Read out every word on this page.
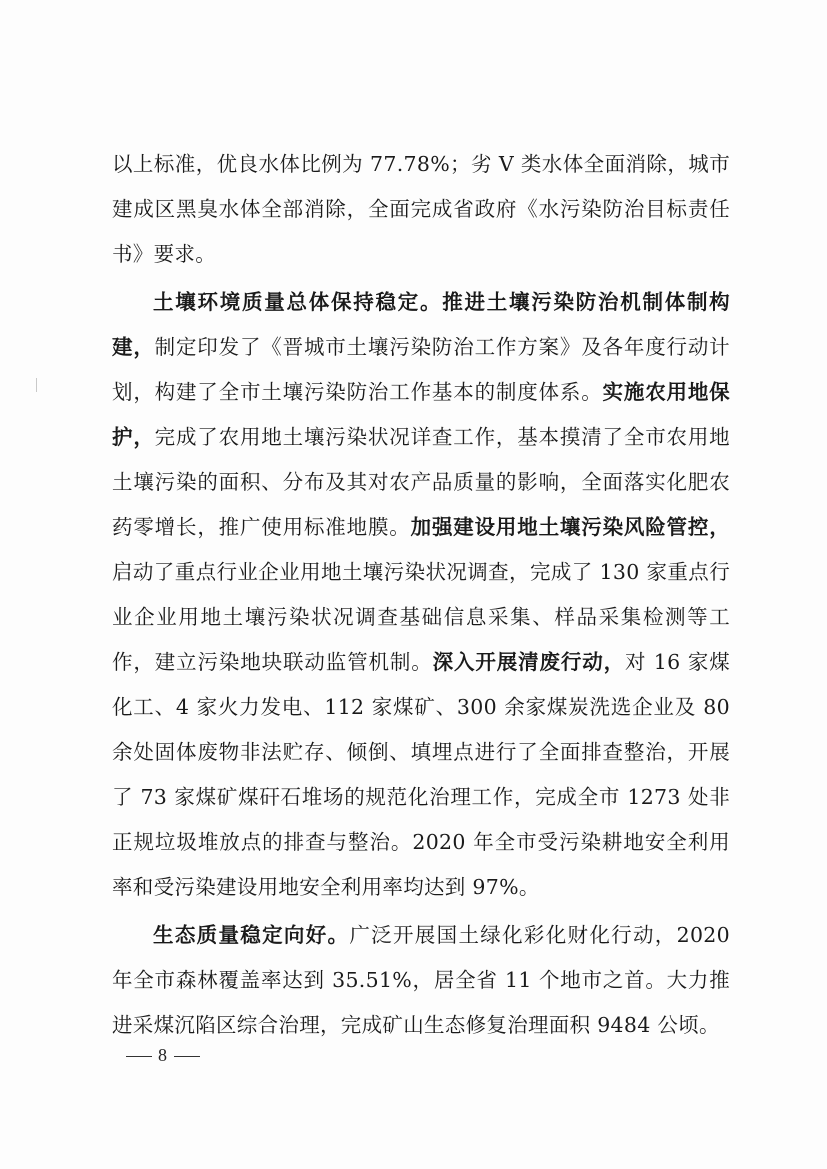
以上标准，优良水体比例为 77.78%；劣 V 类水体全面消除，城市建成区黑臭水体全部消除，全面完成省政府《水污染防治目标责任书》要求。

土壤环境质量总体保持稳定。推进土壤污染防治机制体制构建，制定印发了《晋城市土壤污染防治工作方案》及各年度行动计划，构建了全市土壤污染防治工作基本的制度体系。实施农用地保护，完成了农用地土壤污染状况详查工作，基本摸清了全市农用地土壤污染的面积、分布及其对农产品质量的影响，全面落实化肥农药零增长，推广使用标准地膜。加强建设用地土壤污染风险管控，启动了重点行业企业用地土壤污染状况调查，完成了 130 家重点行业企业用地土壤污染状况调查基础信息采集、样品采集检测等工作，建立污染地块联动监管机制。深入开展清废行动，对 16 家煤化工、4 家火力发电、112 家煤矿、300 余家煤炭洗选企业及 80 余处固体废物非法贮存、倾倒、填埋点进行了全面排查整治，开展了 73 家煤矿煤矸石堆场的规范化治理工作，完成全市 1273 处非正规垃圾堆放点的排查与整治。2020 年全市受污染耕地安全利用率和受污染建设用地安全利用率均达到 97%。

生态质量稳定向好。广泛开展国土绿化彩化财化行动，2020 年全市森林覆盖率达到 35.51%，居全省 11 个地市之首。大力推进采煤沉陷区综合治理，完成矿山生态修复治理面积 9484 公顷。

8
